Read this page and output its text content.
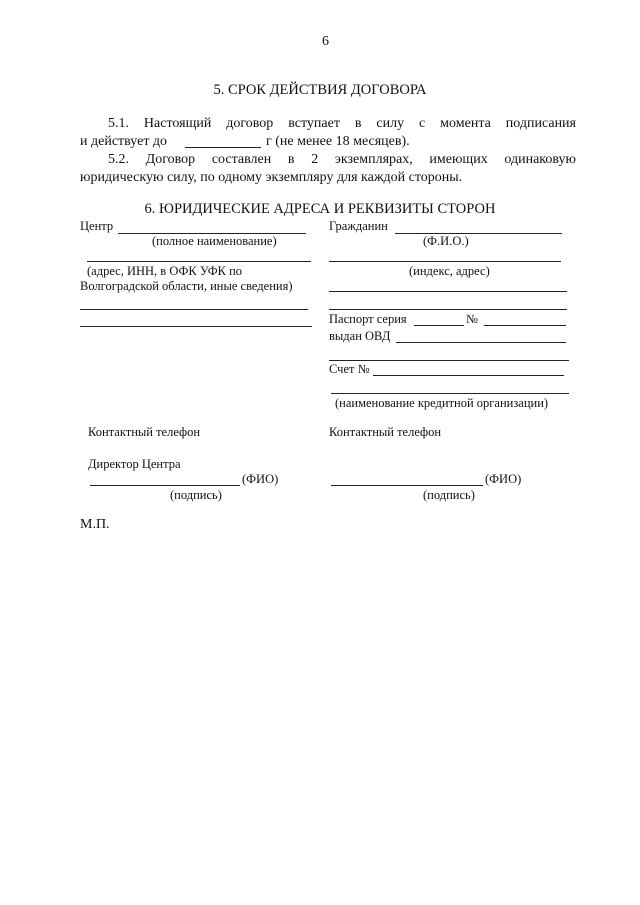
6
5. СРОК ДЕЙСТВИЯ ДОГОВОРА
5.1. Настоящий договор вступает в силу с момента подписания
и действует до	г (не менее 18 месяцев).
5.2. Договор составлен в 2 экземплярах, имеющих одинаковую
юридическую силу, по одному экземпляру для каждой стороны.
6. ЮРИДИЧЕСКИЕ АДРЕСА И РЕКВИЗИТЫ СТОРОН
Центр
(полное наименование)
(адрес, ИНН, в ОФК УФК по
Волгоградской области, иные сведения)
Контактный телефон
Директор Центра
(ФИО)
(подпись)
Гражданин
(Ф.И.О.)
(индекс, адрес)
Паспорт серия	№
выдан ОВД
Счет №
(наименование кредитной организации)
Контактный телефон
(ФИО)
(подпись)
М.П.
